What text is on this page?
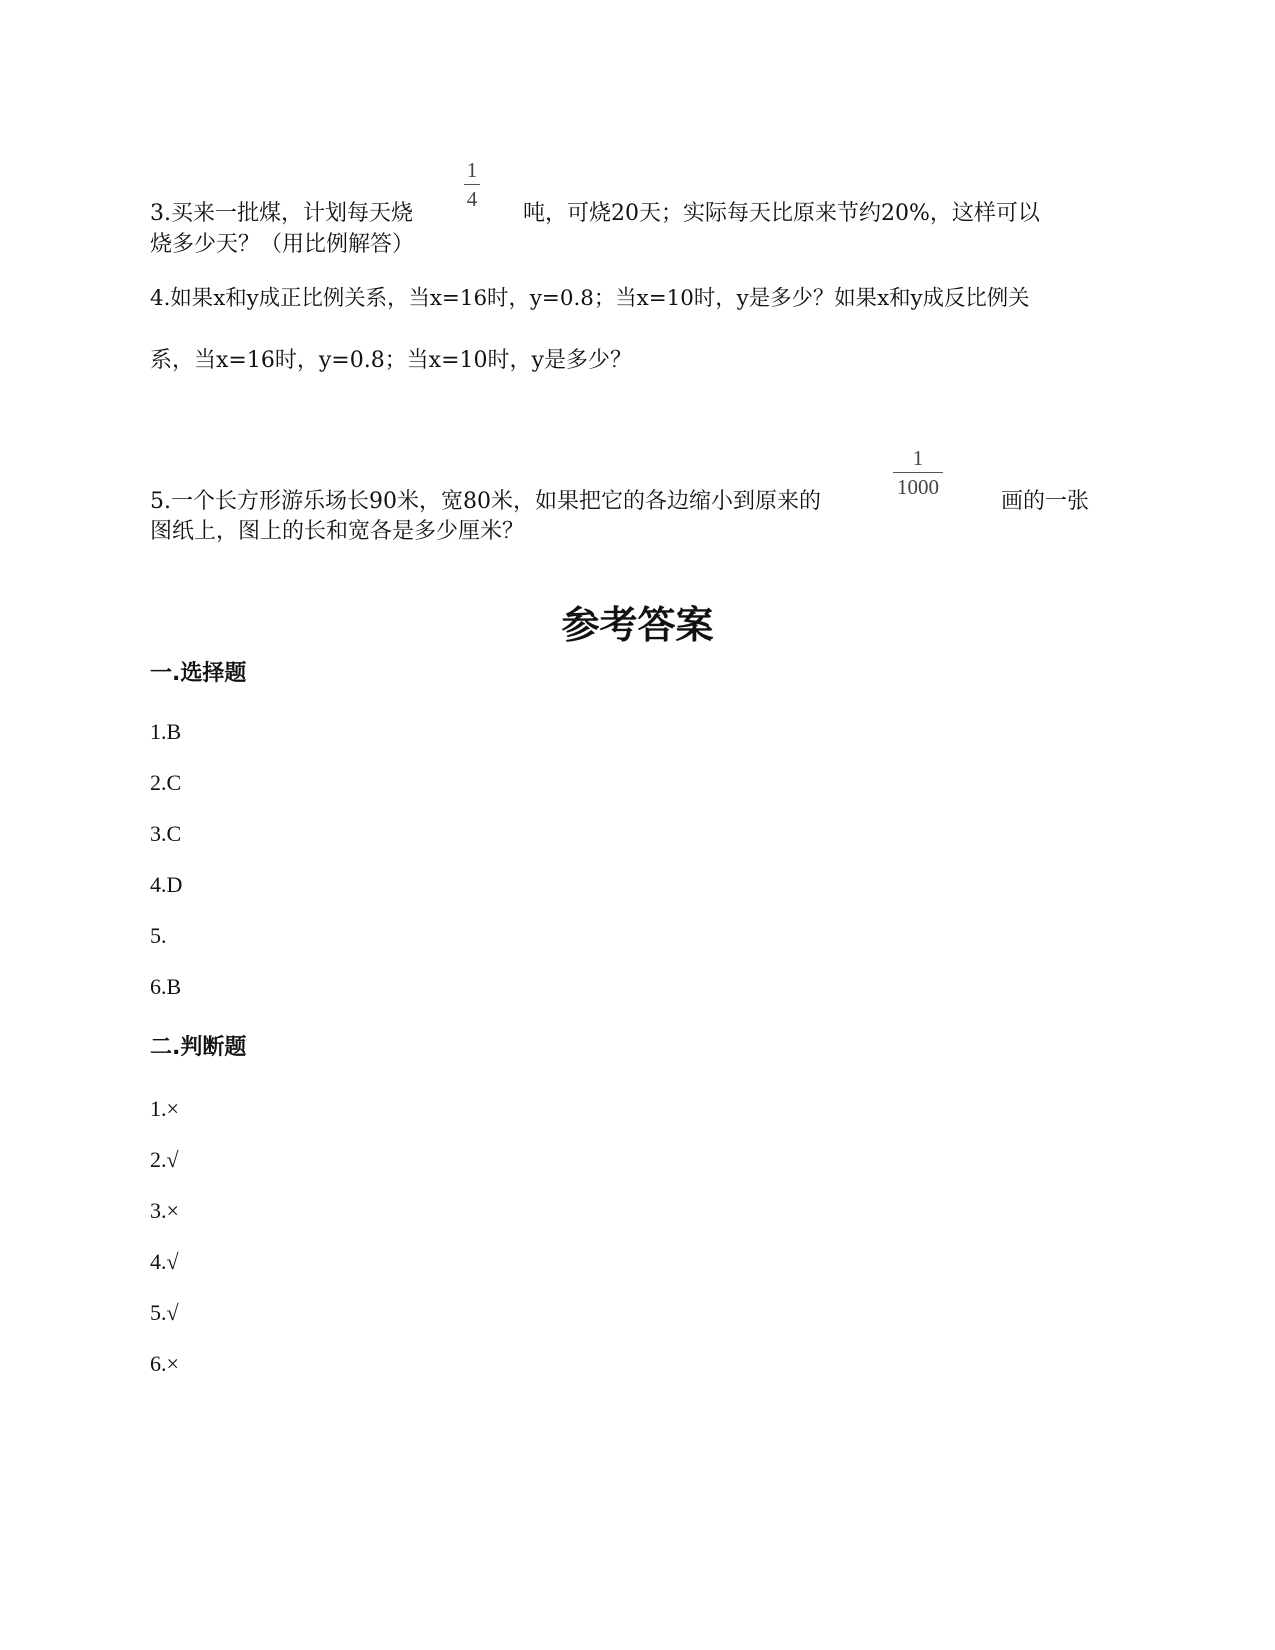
3.买来一批煤，计划每天烧
1
4
吨，可烧20天；实际每天比原来节约20%，这样可以
烧多少天？（用比例解答）
4.如果x和y成正比例关系，当x=16时，y=0.8；当x=10时，y是多少？如果x和y成反比例关
系，当x=16时，y=0.8；当x=10时，y是多少？
5.一个长方形游乐场长90米，宽80米，如果把它的各边缩小到原来的
1
1000
画的一张
图纸上，图上的长和宽各是多少厘米？
参考答案
一.选择题
1.B
2.C
3.C
4.D
5.
6.B
二.判断题
1.×
2.√
3.×
4.√
5.√
6.×
